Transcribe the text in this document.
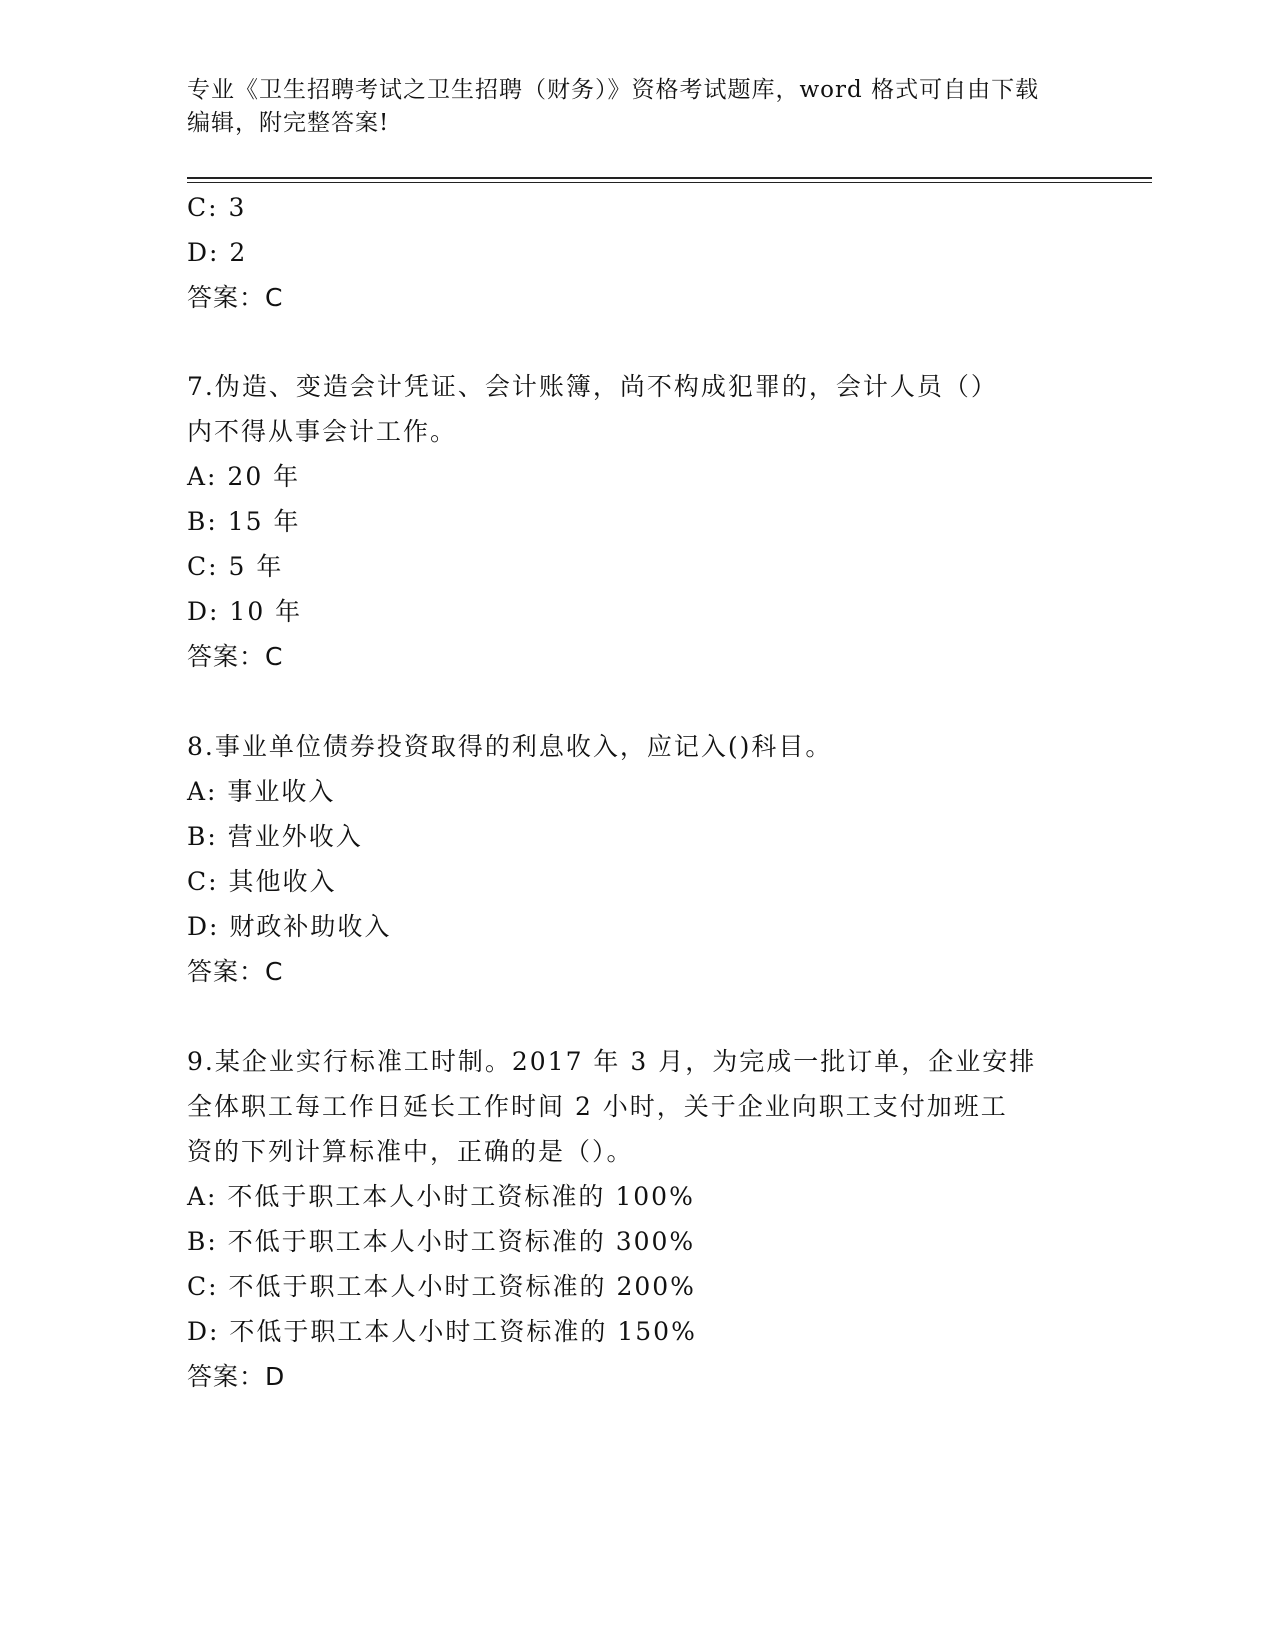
专业《卫生招聘考试之卫生招聘（财务）》资格考试题库，word 格式可自由下载
编辑，附完整答案!
C: 3
D: 2
答案：C
7.伪造、变造会计凭证、会计账簿，尚不构成犯罪的，会计人员（）
内不得从事会计工作。
A: 20 年
B: 15 年
C: 5 年
D: 10 年
答案：C
8.事业单位债券投资取得的利息收入，应记入()科目。
A: 事业收入
B: 营业外收入
C: 其他收入
D: 财政补助收入
答案：C
9.某企业实行标准工时制。2017 年 3 月，为完成一批订单，企业安排
全体职工每工作日延长工作时间 2 小时，关于企业向职工支付加班工
资的下列计算标准中，正确的是（）。
A: 不低于职工本人小时工资标准的 100%
B: 不低于职工本人小时工资标准的 300%
C: 不低于职工本人小时工资标准的 200%
D: 不低于职工本人小时工资标准的 150%
答案：D
